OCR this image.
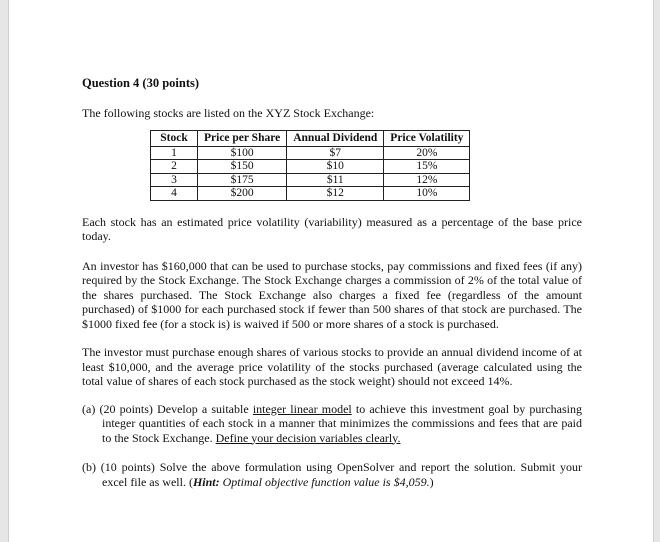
Question 4 (30 points)
The following stocks are listed on the XYZ Stock Exchange:
Stock	Price per Share	Annual Dividend	Price Volatility
1	$100	$7	20%
2	$150	$10	15%
3	$175	$11	12%
4	$200	$12	10%

Each stock has an estimated price volatility (variability) measured as a percentage of the base price today.

An investor has $160,000 that can be used to purchase stocks, pay commissions and fixed fees (if any) required by the Stock Exchange. The Stock Exchange charges a commission of 2% of the total value of the shares purchased. The Stock Exchange also charges a fixed fee (regardless of the amount purchased) of $1000 for each purchased stock if fewer than 500 shares of that stock are purchased. The $1000 fixed fee (for a stock is) is waived if 500 or more shares of a stock is purchased.

The investor must purchase enough shares of various stocks to provide an annual dividend income of at least $10,000, and the average price volatility of the stocks purchased (average calculated using the total value of shares of each stock purchased as the stock weight) should not exceed 14%.

(a) (20 points) Develop a suitable integer linear model to achieve this investment goal by purchasing integer quantities of each stock in a manner that minimizes the commissions and fees that are paid to the Stock Exchange. Define your decision variables clearly.

(b) (10 points) Solve the above formulation using OpenSolver and report the solution. Submit your excel file as well. (Hint: Optimal objective function value is $4,059.)
